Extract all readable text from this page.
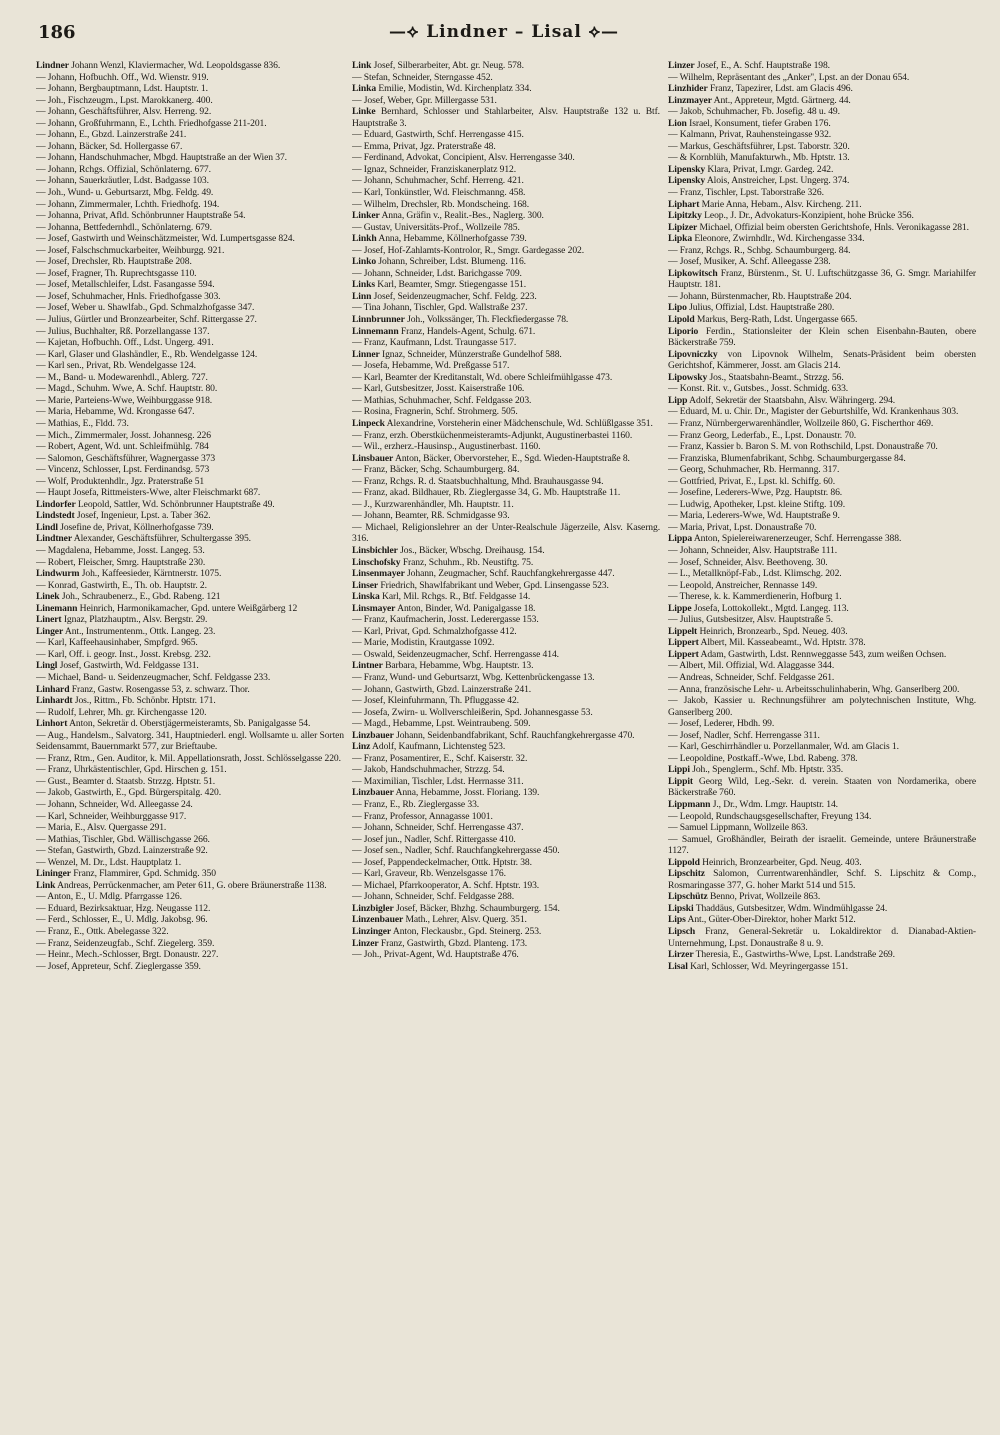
186	—⟡ Lindner – Lisal ⟡—

Lindner Johann Wenzl, Klaviermacher, Wd. Leopoldsgasse 836.

— Johann, Hofbuchh. Off., Wd. Wienstr. 919.

— Johann, Bergbauptmann, Ldst. Hauptstr. 1.

— Joh., Fischzeugm., Lpst. Marokkanerg. 400.

— Johann, Geschäftsführer, Alsv. Herreng. 92.

— Johann, Großfuhrmann, E., Lchth. Friedhofgasse 211-201.

— Johann, E., Gbzd. Lainzerstraße 241.

— Johann, Bäcker, Sd. Hollergasse 67.

— Johann, Handschuhmacher, Mbgd. Hauptstraße an der Wien 37.

— Johann, Rchgs. Offizial, Schönlaterng. 677.

— Johann, Sauerkräutler, Ldst. Badgasse 103.

— Joh., Wund- u. Geburtsarzt, Mbg. Feldg. 49.

— Johann, Zimmermaler, Lchth. Friedhofg. 194.

— Johanna, Privat, Afld. Schönbrunner Hauptstraße 54.

— Johanna, Bettfedernhdl., Schönlaterng. 679.

— Josef, Gastwirth und Weinschätzmeister, Wd. Lumpertsgasse 824.

— Josef, Falschschmuckarbeiter, Weihburgg. 921.

— Josef, Drechsler, Rb. Hauptstraße 208.

— Josef, Fragner, Th. Ruprechtsgasse 110.

— Josef, Metallschleifer, Ldst. Fasangasse 594.

— Josef, Schuhmacher, Hnls. Friedhofgasse 303.

— Josef, Weber u. Shawlfab., Gpd. Schmalzhofgasse 347.

— Julius, Gürtler und Bronzearbeiter, Schf. Rittergasse 27.

— Julius, Buchhalter, Rß. Porzellangasse 137.

— Kajetan, Hofbuchh. Off., Ldst. Ungerg. 491.

— Karl, Glaser und Glashändler, E., Rb. Wendelgasse 124.

— Karl sen., Privat, Rb. Wendelgasse 124.

— M., Band- u. Modewarenhdl., Ablerg. 727.

— Magd., Schuhm. Wwe, A. Schf. Hauptstr. 80.

— Marie, Parteiens-Wwe, Weihburggasse 918.

— Maria, Hebamme, Wd. Krongasse 647.

— Mathias, E., Fldd. 73.

— Mich., Zimmermaler, Josst. Johannesg. 226

— Robert, Agent, Wd. unt. Schleifmühlg. 784

— Salomon, Geschäftsführer, Wagnergasse 373

— Vincenz, Schlosser, Lpst. Ferdinandsg. 573

— Wolf, Produktenhdlr., Jgz. Praterstraße 51

— Haupt Josefa, Rittmeisters-Wwe, alter Fleischmarkt 687.

Lindorfer Leopold, Sattler, Wd. Schönbrunner Hauptstraße 49.

Lindstedt Josef, Ingenieur, Lpst. a. Taber 362.

Lindl Josefine de, Privat, Köllnerhofgasse 739.

Lindtner Alexander, Geschäftsführer, Schultergasse 395.

— Magdalena, Hebamme, Josst. Langeg. 53.

— Robert, Fleischer, Smrg. Hauptstraße 230.

Lindwurm Joh., Kaffeesieder, Kärntnerstr. 1075.

— Konrad, Gastwirth, E., Th. ob. Hauptstr. 2.

Linek Joh., Schraubenerz., E., Gbd. Rabeng. 121

Linemann Heinrich, Harmonikamacher, Gpd. untere Weißgärberg 12

Linert Ignaz, Platzhauptm., Alsv. Bergstr. 29.

Linger Ant., Instrumentenm., Ottk. Langeg. 23.

— Karl, Kaffeehausinhaber, Smpfgrd. 965.

— Karl, Off. i. geogr. Inst., Josst. Krebsg. 232.

Lingl Josef, Gastwirth, Wd. Feldgasse 131.

— Michael, Band- u. Seidenzeugmacher, Schf. Feldgasse 233.

Linhard Franz, Gastw. Rosengasse 53, z. schwarz. Thor.

Linhardt Jos., Rittm., Fb. Schönbr. Hptstr. 171.

— Rudolf, Lehrer, Mh. gr. Kirchengasse 120.

Linhort Anton, Sekretär d. Oberstjägermeisteramts, Sb. Panigalgasse 54.

— Aug., Handelsm., Salvatorg. 341, Hauptniederl. engl. Wollsamte u. aller Sorten Seidensammt, Bauernmarkt 577, zur Brieftaube.

— Franz, Rtm., Gen. Auditor, k. Mil. Appellationsrath, Josst. Schlösselgasse 220.

— Franz, Uhrkästentischler, Gpd. Hirschen g. 151.

— Gust., Beamter d. Staatsb. Strzzg. Hptstr. 51.

— Jakob, Gastwirth, E., Gpd. Bürgerspitalg. 420.

— Johann, Schneider, Wd. Alleegasse 24.

— Karl, Schneider, Weihburggasse 917.

— Maria, E., Alsv. Quergasse 291.

— Mathias, Tischler, Gbd. Wällischgasse 266.

— Stefan, Gastwirth, Gbzd. Lainzerstraße 92.

— Wenzel, M. Dr., Ldst. Hauptplatz 1.

Lininger Franz, Flammirer, Gpd. Schmidg. 350

Link Andreas, Perrückenmacher, am Peter 611, G. obere Bräunerstraße 1138.

— Anton, E., U. Mdlg. Pfarrgasse 126.

— Eduard, Bezirksaktuar, Hzg. Neugasse 112.

— Ferd., Schlosser, E., U. Mdlg. Jakobsg. 96.

— Franz, E., Ottk. Abelegasse 322.

— Franz, Seidenzeugfab., Schf. Ziegelerg. 359.

— Heinr., Mech.-Schlosser, Brgt. Donaustr. 227.

— Josef, Appreteur, Schf. Zieglergasse 359.

Link Josef, Silberarbeiter, Abt. gr. Neug. 578.

— Stefan, Schneider, Sterngasse 452.

Linka Emilie, Modistin, Wd. Kirchenplatz 334.

— Josef, Weber, Gpr. Millergasse 531.

Linke Bernhard, Schlosser und Stahlarbeiter, Alsv. Hauptstraße 132 u. Btf. Hauptstraße 3.

— Eduard, Gastwirth, Schf. Herrengasse 415.

— Emma, Privat, Jgz. Praterstraße 48.

— Ferdinand, Advokat, Concipient, Alsv. Herrengasse 340.

— Ignaz, Schneider, Franziskanerplatz 912.

— Johann, Schuhmacher, Schf. Herreng. 421.

— Karl, Tonkünstler, Wd. Fleischmanng. 458.

— Wilhelm, Drechsler, Rb. Mondscheing. 168.

Linker Anna, Gräfin v., Realit.-Bes., Naglerg. 300.

— Gustav, Universitäts-Prof., Wollzeile 785.

Linkh Anna, Hebamme, Köllnerhofgasse 739.

— Josef, Hof-Zahlamts-Kontrolor, R., Smgr. Gardegasse 202.

Linko Johann, Schreiber, Ldst. Blumeng. 116.

— Johann, Schneider, Ldst. Barichgasse 709.

Links Karl, Beamter, Smgr. Stiegengasse 151.

Linn Josef, Seidenzeugmacher, Schf. Feldg. 223.

— Tina Johann, Tischler, Gpd. Wallstraße 237.

Linnbrunner Joh., Volkssänger, Th. Fleckfiedergasse 78.

Linnemann Franz, Handels-Agent, Schulg. 671.

— Franz, Kaufmann, Ldst. Traungasse 517.

Linner Ignaz, Schneider, Münzerstraße Gundelhof 588.

— Josefa, Hebamme, Wd. Preßgasse 517.

— Karl, Beamter der Kreditanstalt, Wd. obere Schleifmühlgasse 473.

— Karl, Gutsbesitzer, Josst. Kaiserstraße 106.

— Mathias, Schuhmacher, Schf. Feldgasse 203.

— Rosina, Fragnerin, Schf. Strohmerg. 505.

Linpeck Alexandrine, Vorsteherin einer Mädchenschule, Wd. Schlüßlgasse 351.

— Franz, erzh. Oberstküchenmeisteramts-Adjunkt, Augustinerbastei 1160.

— Wil., erzherz.-Hausinsp., Augustinerbast. 1160.

Linsbauer Anton, Bäcker, Obervorsteher, E., Sgd. Wieden-Hauptstraße 8.

— Franz, Bäcker, Schg. Schaumburgerg. 84.

— Franz, Rchgs. R. d. Staatsbuchhaltung, Mhd. Brauhausgasse 94.

— Franz, akad. Bildhauer, Rb. Zieglergasse 34, G. Mb. Hauptstraße 11.

— J., Kurzwarenhändler, Mh. Hauptstr. 11.

— Johann, Beamter, Rß. Schmidgasse 93.

— Michael, Religionslehrer an der Unter-Realschule Jägerzeile, Alsv. Kaserng. 316.

Linsbichler Jos., Bäcker, Wbschg. Dreihausg. 154.

Linschofsky Franz, Schuhm., Rb. Neustiftg. 75.

Linsenmayer Johann, Zeugmacher, Schf. Rauchfangkehrergasse 447.

Linser Friedrich, Shawlfabrikant und Weber, Gpd. Linsengasse 523.

Linska Karl, Mil. Rchgs. R., Btf. Feldgasse 14.

Linsmayer Anton, Binder, Wd. Panigalgasse 18.

— Franz, Kaufmacherin, Josst. Lederergasse 153.

— Karl, Privat, Gpd. Schmalzhofgasse 412.

— Marie, Modistin, Krautgasse 1092.

— Oswald, Seidenzeugmacher, Schf. Herrengasse 414.

Lintner Barbara, Hebamme, Wbg. Hauptstr. 13.

— Franz, Wund- und Geburtsarzt, Wbg. Kettenbrückengasse 13.

— Johann, Gastwirth, Gbzd. Lainzerstraße 241.

— Josef, Kleinfuhrmann, Th. Pfluggasse 42.

— Josefa, Zwirn- u. Wollverschleißerin, Spd. Johannesgasse 53.

— Magd., Hebamme, Lpst. Weintraubeng. 509.

Linzbauer Johann, Seidenbandfabrikant, Schf. Rauchfangkehrergasse 470.

Linz Adolf, Kaufmann, Lichtensteg 523.

— Franz, Posamentirer, E., Schf. Kaiserstr. 32.

— Jakob, Handschuhmacher, Strzzg. 54.

— Maximilian, Tischler, Ldst. Herrnasse 311.

Linzbauer Anna, Hebamme, Josst. Floriang. 139.

— Franz, E., Rb. Zieglergasse 33.

— Franz, Professor, Annagasse 1001.

— Johann, Schneider, Schf. Herrengasse 437.

— Josef jun., Nadler, Schf. Rittergasse 410.

— Josef sen., Nadler, Schf. Rauchfangkehrergasse 450.

— Josef, Pappendeckelmacher, Ottk. Hptstr. 38.

— Karl, Graveur, Rb. Wenzelsgasse 176.

— Michael, Pfarrkooperator, A. Schf. Hptstr. 193.

— Johann, Schneider, Schf. Feldgasse 288.

Linzbigler Josef, Bäcker, Bhzhg. Schaumburgerg. 154.

Linzenbauer Math., Lehrer, Alsv. Querg. 351.

Linzinger Anton, Fleckausbr., Gpd. Steinerg. 253.

Linzer Franz, Gastwirth, Gbzd. Planteng. 173.

— Joh., Privat-Agent, Wd. Hauptstraße 476.

Linzer Josef, E., A. Schf. Hauptstraße 198.

— Wilhelm, Repräsentant des „Anker", Lpst. an der Donau 654.

Linzhider Franz, Tapezirer, Ldst. am Glacis 496.

Linzmayer Ant., Appreteur, Mgtd. Gärtnerg. 44.

— Jakob, Schuhmacher, Fb. Josefig. 48 u. 49.

Lion Israel, Konsument, tiefer Graben 176.

— Kalmann, Privat, Rauhensteingasse 932.

— Markus, Geschäftsführer, Lpst. Taborstr. 320.

— & Kornblüh, Manufakturwh., Mb. Hptstr. 13.

Lipensky Klara, Privat, Lmgr. Gardeg. 242.

Lipensky Alois, Anstreicher, Lpst. Ungerg. 374.

— Franz, Tischler, Lpst. Taborstraße 326.

Liphart Marie Anna, Hebam., Alsv. Kircheng. 211.

Lipitzky Leop., J. Dr., Advokaturs-Konzipient, hohe Brücke 356.

Lipizer Michael, Offizial beim obersten Gerichtshofe, Hnls. Veronikagasse 281.

Lipka Eleonore, Zwirnhdlr., Wd. Kirchengasse 334.

— Franz, Rchgs. R., Schbg. Schaumburgerg. 84.

— Josef, Musiker, A. Schf. Alleegasse 238.

Lipkowitsch Franz, Bürstenm., St. U. Luftschützgasse 36, G. Smgr. Mariahilfer Hauptstr. 181.

— Johann, Bürstenmacher, Rb. Hauptstraße 204.

Lipo Julius, Offizial, Ldst. Hauptstraße 280.

Lipold Markus, Berg-Rath, Ldst. Ungergasse 665.

Liporio Ferdin., Stationsleiter der Klein schen Eisenbahn-Bauten, obere Bäckerstraße 759.

Lipovniczky von Lipovnok Wilhelm, Senats-Präsident beim obersten Gerichtshof, Kämmerer, Josst. am Glacis 214.

Lipowsky Jos., Staatsbahn-Beamt., Strzzg. 56.

— Konst. Rit. v., Gutsbes., Josst. Schmidg. 633.

Lipp Adolf, Sekretär der Staatsbahn, Alsv. Währingerg. 294.

— Eduard, M. u. Chir. Dr., Magister der Geburtshilfe, Wd. Krankenhaus 303.

— Franz, Nürnbergerwarenhändler, Wollzeile 860, G. Fischerthor 469.

— Franz Georg, Lederfab., E., Lpst. Donaustr. 70.

— Franz, Kassier b. Baron S. M. von Rothschild, Lpst. Donaustraße 70.

— Franziska, Blumenfabrikant, Schbg. Schaumburgergasse 84.

— Georg, Schuhmacher, Rb. Hermanng. 317.

— Gottfried, Privat, E., Lpst. kl. Schiffg. 60.

— Josefine, Lederers-Wwe, Pzg. Hauptstr. 86.

— Ludwig, Apotheker, Lpst. kleine Stiftg. 109.

— Maria, Lederers-Wwe, Wd. Hauptstraße 9.

— Maria, Privat, Lpst. Donaustraße 70.

Lippa Anton, Spielereiwarenerzeuger, Schf. Herrengasse 388.

— Johann, Schneider, Alsv. Hauptstraße 111.

— Josef, Schneider, Alsv. Beethoveng. 30.

— L., Metallknöpf-Fab., Ldst. Klimschg. 202.

— Leopold, Anstreicher, Rennasse 149.

— Therese, k. k. Kammerdienerin, Hofburg 1.

Lippe Josefa, Lottokollekt., Mgtd. Langeg. 113.

— Julius, Gutsbesitzer, Alsv. Hauptstraße 5.

Lippelt Heinrich, Bronzearb., Spd. Neueg. 403.

Lippert Albert, Mil. Kasseabeamt., Wd. Hptstr. 378.

Lippert Adam, Gastwirth, Ldst. Rennweggasse 543, zum weißen Ochsen.

— Albert, Mil. Offizial, Wd. Alaggasse 344.

— Andreas, Schneider, Schf. Feldgasse 261.

— Anna, französische Lehr- u. Arbeitsschulinhaberin, Whg. Ganserlberg 200.

— Jakob, Kassier u. Rechnungsführer am polytechnischen Institute, Whg. Ganserlberg 200.

— Josef, Lederer, Hbdh. 99.

— Josef, Nadler, Schf. Herrengasse 311.

— Karl, Geschirrhändler u. Porzellanmaler, Wd. am Glacis 1.

— Leopoldine, Postkaff.-Wwe, Lbd. Rabeng. 378.

Lippi Joh., Spenglerm., Schf. Mb. Hptstr. 335.

Lippit Georg Wild, Leg.-Sekr. d. verein. Staaten von Nordamerika, obere Bäckerstraße 760.

Lippmann J., Dr., Wdm. Lmgr. Hauptstr. 14.

— Leopold, Rundschaugsgesellschafter, Freyung 134.

— Samuel Lippmann, Wollzeile 863.

— Samuel, Großhändler, Beirath der israelit. Gemeinde, untere Bräunerstraße 1127.

Lippold Heinrich, Bronzearbeiter, Gpd. Neug. 403.

Lipschitz Salomon, Currentwarenhändler, Schf. S. Lipschitz & Comp., Rosmaringasse 377, G. hoher Markt 514 und 515.

Lipschütz Benno, Privat, Wollzeile 863.

Lipski Thaddäus, Gutsbesitzer, Wdm. Windmühlgasse 24.

Lips Ant., Güter-Ober-Direktor, hoher Markt 512.

Lipsch Franz, General-Sekretär u. Lokaldirektor d. Dianabad-Aktien-Unternehmung, Lpst. Donaustraße 8 u. 9.

Lirzer Theresia, E., Gastwirths-Wwe, Lpst. Landstraße 269.

Lisal Karl, Schlosser, Wd. Meyringergasse 151.
